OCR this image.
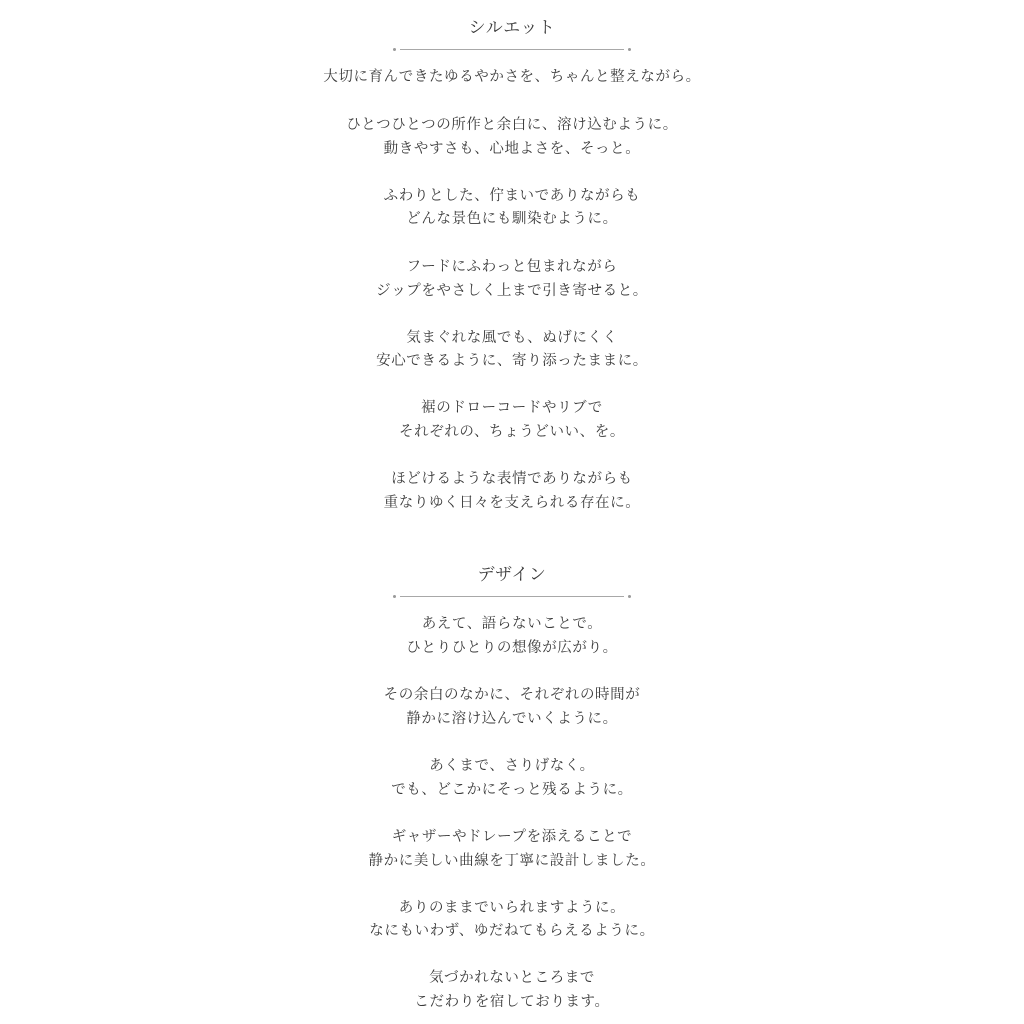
シルエット
大切に育んできたゆるやかさを、ちゃんと整えながら。
ひとつひとつの所作と余白に、溶け込むように。
動きやすさも、心地よさを、そっと。
ふわりとした、佇まいでありながらも
どんな景色にも馴染むように。
フードにふわっと包まれながら
ジップをやさしく上まで引き寄せると。
気まぐれな風でも、ぬげにくく
安心できるように、寄り添ったままに。
裾のドローコードやリブで
それぞれの、ちょうどいい、を。
ほどけるような表情でありながらも
重なりゆく日々を支えられる存在に。
デザイン
あえて、語らないことで。
ひとりひとりの想像が広がり。
その余白のなかに、それぞれの時間が
静かに溶け込んでいくように。
あくまで、さりげなく。
でも、どこかにそっと残るように。
ギャザーやドレープを添えることで
静かに美しい曲線を丁寧に設計しました。
ありのままでいられますように。
なにもいわず、ゆだねてもらえるように。
気づかれないところまで
こだわりを宿しております。
